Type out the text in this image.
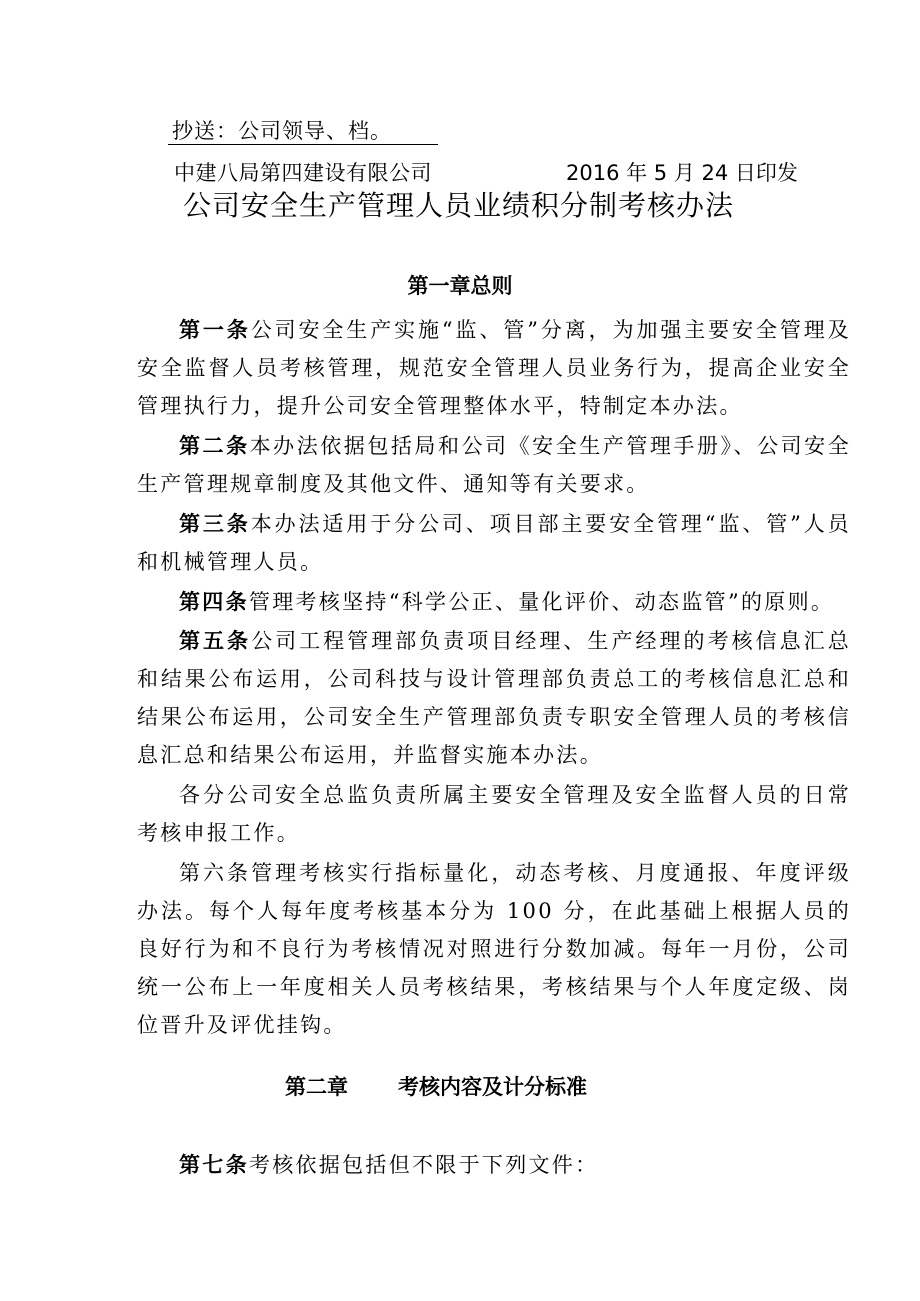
抄送：公司领导、档。
中建八局第四建设有限公司	2016 年 5 月 24 日印发
公司安全生产管理人员业绩积分制考核办法
第一章总则

第一条公司安全生产实施“监、管”分离，为加强主要安全管理及安全监督人员考核管理，规范安全管理人员业务行为，提高企业安全管理执行力，提升公司安全管理整体水平，特制定本办法。

第二条本办法依据包括局和公司《安全生产管理手册》、公司安全生产管理规章制度及其他文件、通知等有关要求。

第三条本办法适用于分公司、项目部主要安全管理“监、管”人员和机械管理人员。

第四条管理考核坚持“科学公正、量化评价、动态监管”的原则。

第五条公司工程管理部负责项目经理、生产经理的考核信息汇总和结果公布运用，公司科技与设计管理部负责总工的考核信息汇总和结果公布运用，公司安全生产管理部负责专职安全管理人员的考核信息汇总和结果公布运用，并监督实施本办法。

各分公司安全总监负责所属主要安全管理及安全监督人员的日常考核申报工作。

第六条管理考核实行指标量化，动态考核、月度通报、年度评级办法。每个人每年度考核基本分为 100 分，在此基础上根据人员的良好行为和不良行为考核情况对照进行分数加减。每年一月份，公司统一公布上一年度相关人员考核结果，考核结果与个人年度定级、岗位晋升及评优挂钩。

第二章 考核内容及计分标准

第七条考核依据包括但不限于下列文件：
